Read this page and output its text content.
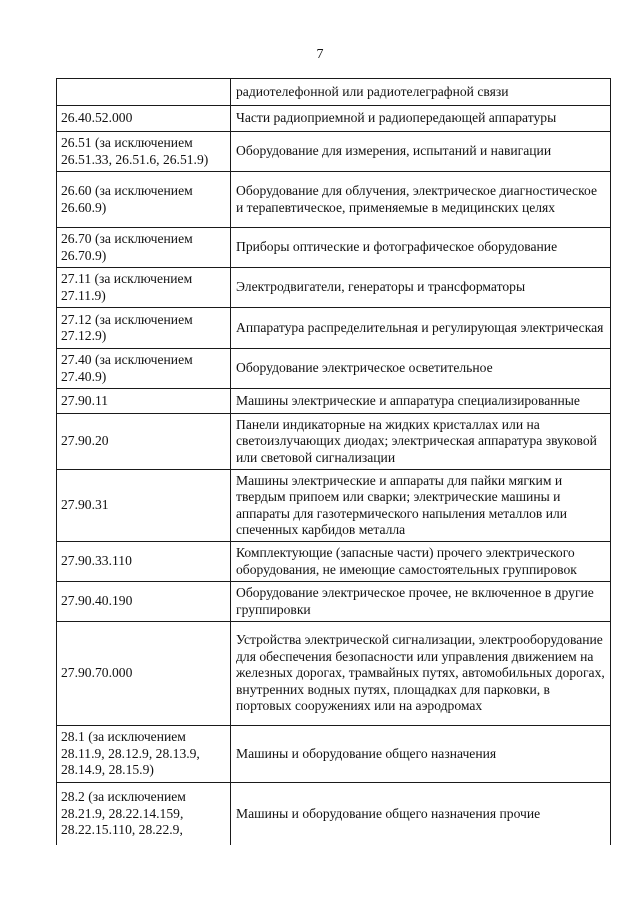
7
	радиотелефонной или радиотелеграфной связи
26.40.52.000	Части радиоприемной и радиопередающей аппаратуры
26.51 (за исключением 26.51.33, 26.51.6, 26.51.9)	Оборудование для измерения, испытаний и навигации
26.60 (за исключением 26.60.9)	Оборудование для облучения, электрическое диагностическое и терапевтическое, применяемые в медицинских целях
26.70 (за исключением 26.70.9)	Приборы оптические и фотографическое оборудование
27.11 (за исключением 27.11.9)	Электродвигатели, генераторы и трансформаторы
27.12 (за исключением 27.12.9)	Аппаратура распределительная и регулирующая электрическая
27.40 (за исключением 27.40.9)	Оборудование электрическое осветительное
27.90.11	Машины электрические и аппаратура специализированные
27.90.20	Панели индикаторные на жидких кристаллах или на светоизлучающих диодах; электрическая аппаратура звуковой или световой сигнализации
27.90.31	Машины электрические и аппараты для пайки мягким и твердым припоем или сварки; электрические машины и аппараты для газотермического напыления металлов или спеченных карбидов металла
27.90.33.110	Комплектующие (запасные части) прочего электрического оборудования, не имеющие самостоятельных группировок
27.90.40.190	Оборудование электрическое прочее, не включенное в другие группировки
27.90.70.000	Устройства электрической сигнализации, электрооборудование для обеспечения безопасности или управления движением на железных дорогах, трамвайных путях, автомобильных дорогах, внутренних водных путях, площадках для парковки, в портовых сооружениях или на аэродромах
28.1 (за исключением 28.11.9, 28.12.9, 28.13.9, 28.14.9, 28.15.9)	Машины и оборудование общего назначения
28.2 (за исключением 28.21.9, 28.22.14.159, 28.22.15.110, 28.22.9,	Машины и оборудование общего назначения прочие
